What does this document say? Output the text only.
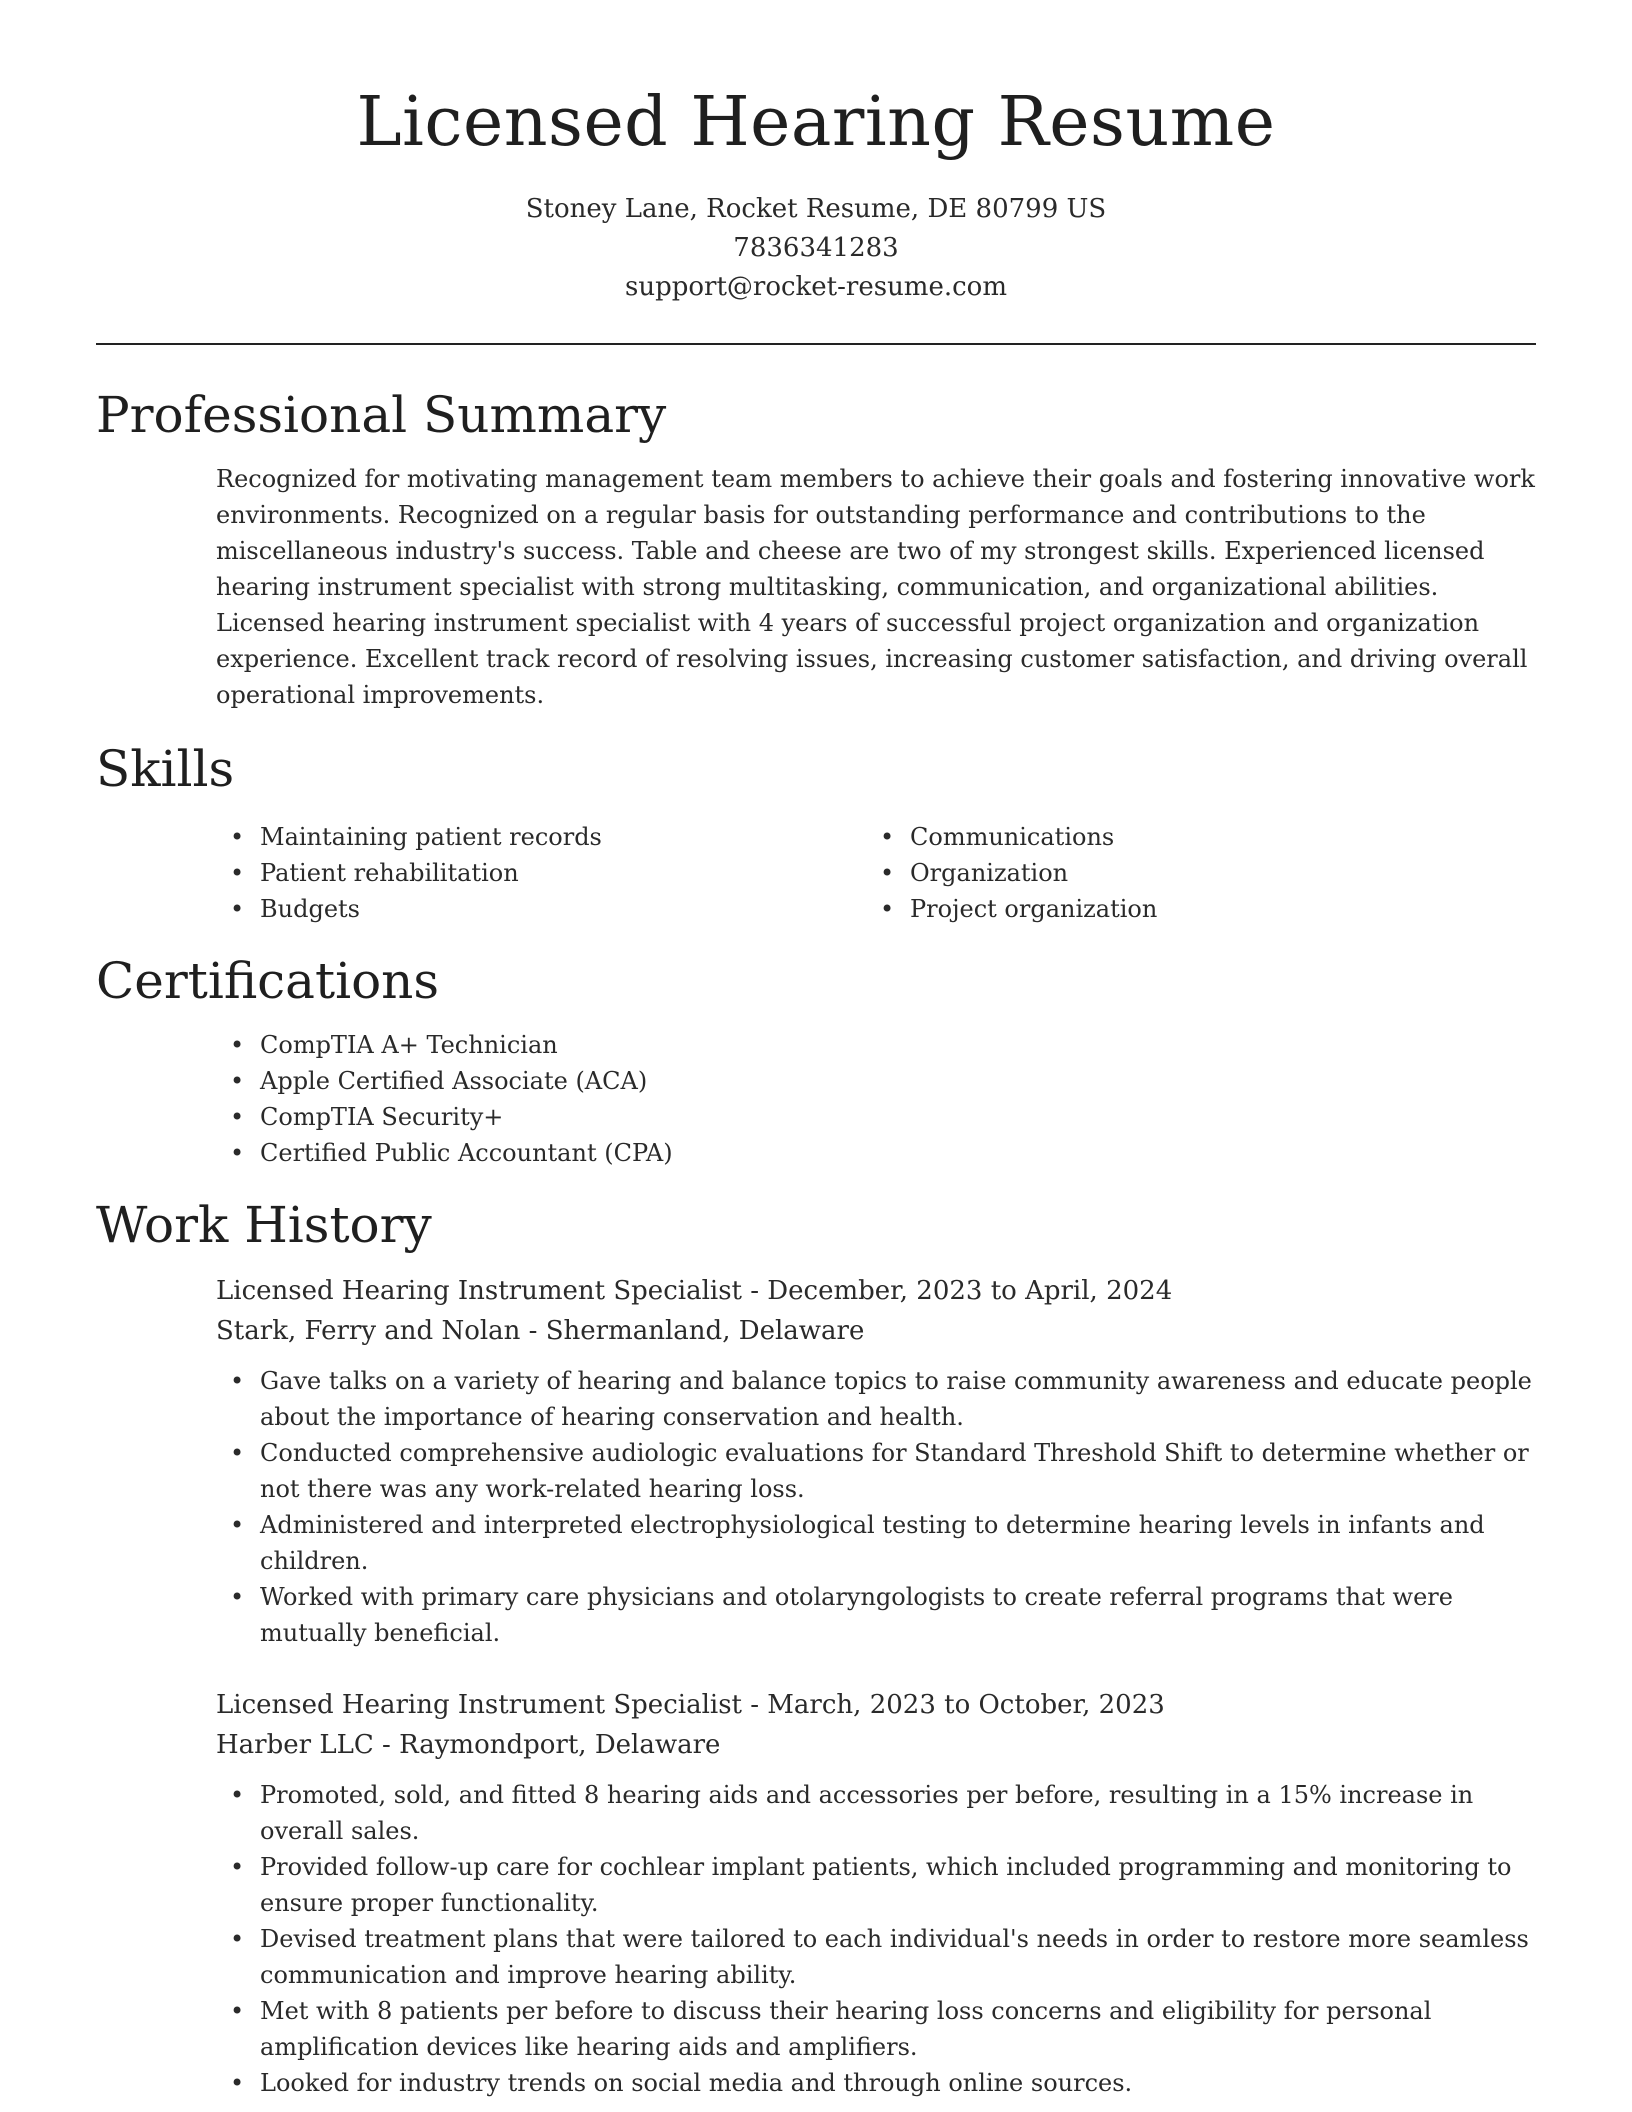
Licensed Hearing Resume
Stoney Lane, Rocket Resume, DE 80799 US
7836341283
support@rocket-resume.com
Professional Summary
Recognized for motivating management team members to achieve their goals and fostering innovative work environments. Recognized on a regular basis for outstanding performance and contributions to the miscellaneous industry's success. Table and cheese are two of my strongest skills. Experienced licensed hearing instrument specialist with strong multitasking, communication, and organizational abilities. Licensed hearing instrument specialist with 4 years of successful project organization and organization experience. Excellent track record of resolving issues, increasing customer satisfaction, and driving overall operational improvements.
Skills
• Maintaining patient records
• Patient rehabilitation
• Budgets
• Communications
• Organization
• Project organization
Certifications
• CompTIA A+ Technician
• Apple Certified Associate (ACA)
• CompTIA Security+
• Certified Public Accountant (CPA)
Work History
Licensed Hearing Instrument Specialist - December, 2023 to April, 2024
Stark, Ferry and Nolan - Shermanland, Delaware
• Gave talks on a variety of hearing and balance topics to raise community awareness and educate people about the importance of hearing conservation and health.
• Conducted comprehensive audiologic evaluations for Standard Threshold Shift to determine whether or not there was any work-related hearing loss.
• Administered and interpreted electrophysiological testing to determine hearing levels in infants and children.
• Worked with primary care physicians and otolaryngologists to create referral programs that were mutually beneficial.
Licensed Hearing Instrument Specialist - March, 2023 to October, 2023
Harber LLC - Raymondport, Delaware
• Promoted, sold, and fitted 8 hearing aids and accessories per before, resulting in a 15% increase in overall sales.
• Provided follow-up care for cochlear implant patients, which included programming and monitoring to ensure proper functionality.
• Devised treatment plans that were tailored to each individual's needs in order to restore more seamless communication and improve hearing ability.
• Met with 8 patients per before to discuss their hearing loss concerns and eligibility for personal amplification devices like hearing aids and amplifiers.
• Looked for industry trends on social media and through online sources.
